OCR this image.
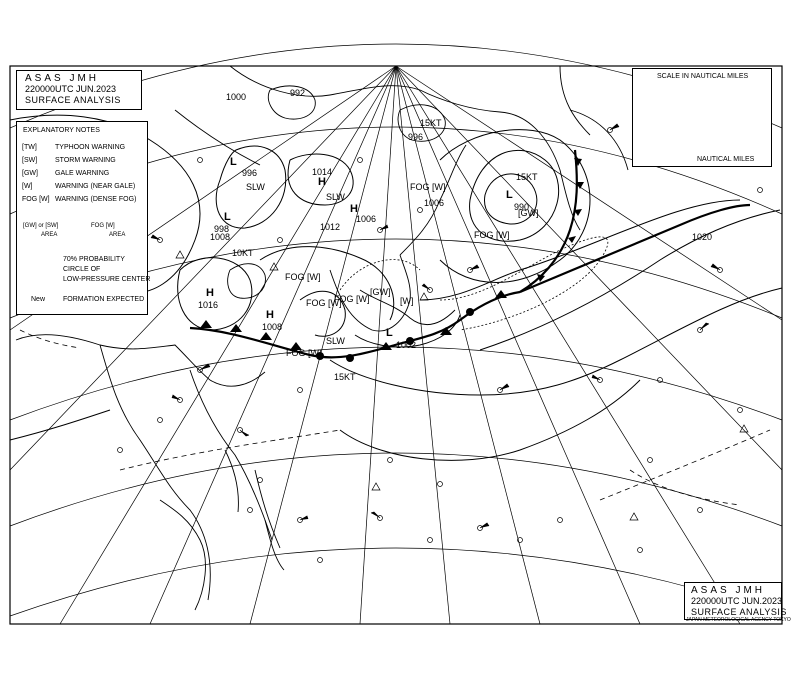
L
L
L
L
H
H
H
H
996
1002
998
990
1014
1006
1016
1008
1000
1020
1012
992
996
1006
1008
FOG [W]
FOG [W]
FOG [W]
FOG [W]
FOG [W]
FOG [W]
[GW]
[GW]
[W]
SLW
SLW
SLW
15KT
10KT
15KT
15KT
ASAS JMH
220000UTC JUN.2023
SURFACE ANALYSIS
EXPLANATORY NOTES
[TW]	TYPHOON WARNING
[SW]	STORM WARNING
[GW] GALE WARNING
[W]	WARNING (NEAR GALE)
FOG [W] WARNING (DENSE FOG)
[GW] or [SW]
AREA
FOG [W]
AREA
70% PROBABILITY
CIRCLE OF
LOW-PRESSURE CENTER
New	FORMATION EXPECTED
SCALE IN NAUTICAL MILES
NAUTICAL MILES
ASAS JMH
220000UTC JUN.2023
SURFACE ANALYSIS
JAPAN METEOROLOGICAL AGENCY TOKYO
